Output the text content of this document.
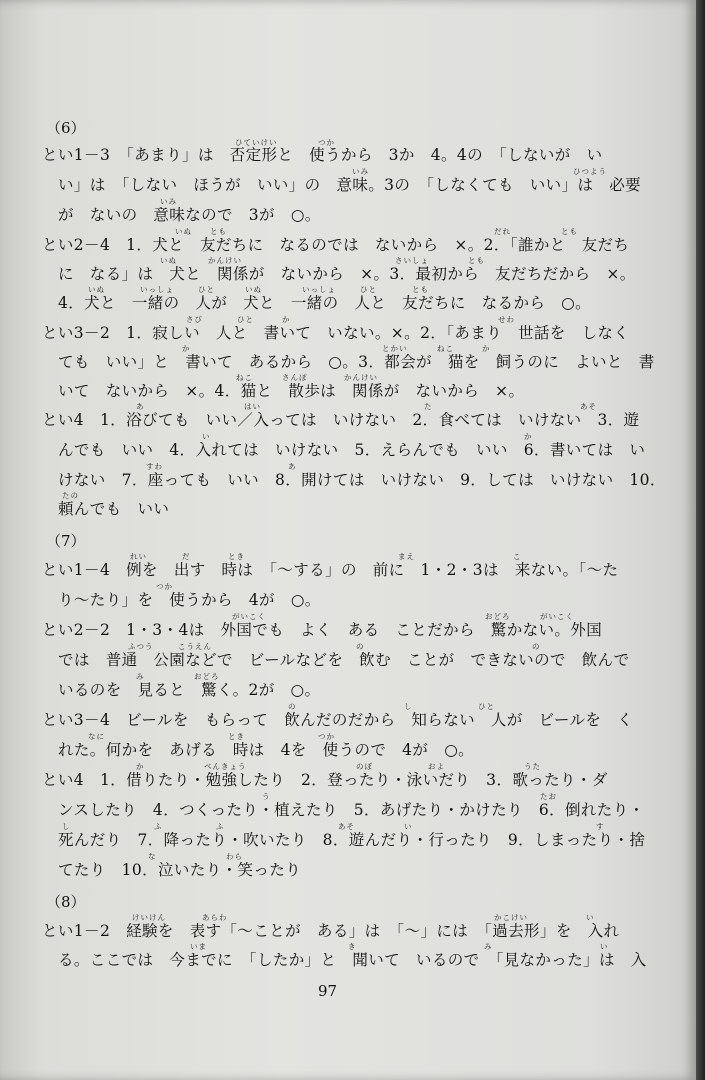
（6）
ひていけい	つか
とい1－3　「あまり」は　否定形と　使うから　3か　4。4の　「しないが　い
いみ	ひつよう
い」は　「しない　ほうが　いい」の　意味。3の　「しなくても　いい」は　必要
いみ
が　ないの　意味なので　3が　○。
いぬ とも	だれ	とも
とい2－4　1．犬と　友だちに　なるのでは　ないから　×。2．「誰かと　友だち
いぬ	かんけい	さいしょ	とも
に　なる」は　犬と　関係が　ないから　×。3．最初から　友だちだから　×。
いぬ	いっしょ	ひと	いぬ	いっしょ	ひと	とも
4．犬と　一緒の　人が　犬と　一緒の　人と　友だちに　なるから　○。
さび	ひと	か	せわ
とい3－2　1．寂しい　人と　書いて　いない。×。2．「あまり　世話を　しなく
か	とかい	ねこ	か
ても　いい」と　書いて　あるから　○。3．都会が　猫を　飼うのに　よいと　書
ねこ	さんぽ	かんけい
いて　ないから　×。4．猫と　散歩は　関係が　ないから　×。
あ	はい	た	あそ
とい4　1．浴びても　いい／入っては　いけない　2．食べては　いけない　3．遊
い	か
んでも　いい　4．入れては　いけない　5．えらんでも　いい　6．書いては　い
すわ	あ
けない　7．座っても　いい　8．開けては　いけない　9．しては　いけない　10．
たの
頼んでも　いい
（7）
れい	だ	とき	まえ	こ
とい1－4　例を　出す　時は　「～する」の　前に　1・2・3は　来ない。「～た
つか
り～たり」を　使うから　4が　○。
がいこく	おどろ	がいこく
とい2－2　1・3・4は　外国でも　よく　ある　ことだから　驚かない。外国
ふつう	こうえん	の	の
では　普通　公園などで　ビールなどを　飲む　ことが　できないので　飲んで
み	おどろ
いるのを　見ると　驚く。2が　○。
の	し	ひと
とい3－4　ビールを　もらって　飲んだのだから　知らない　人が　ビールを　く
なに	とき	つか
れた。何かを　あげる　時は　4を　使うので　4が　○。
か	べんきょう	のぼ	およ	うた
とい4　1．借りたり・勉強したり　2．登ったり・泳いだり　3．歌ったり・ダ
う	たお
ンスしたり　4．つくったり・植えたり　5．あげたり・かけたり　6．倒れたり・
し	ふ	ふ	あそ	い	す
死んだり　7．降ったり・吹いたり　8．遊んだり・行ったり　9．しまったり・捨
な	わら
てたり　10．泣いたり・笑ったり
（8）
けいけん	あらわ	かこけい	い
とい1－2　経験を　表す「～ことが　ある」は　「～」には　「過去形」を　入れ
いま	き	み	い
る。ここでは　今までに　「したか」と　聞いて　いるので　「見なかった」は　入
97
